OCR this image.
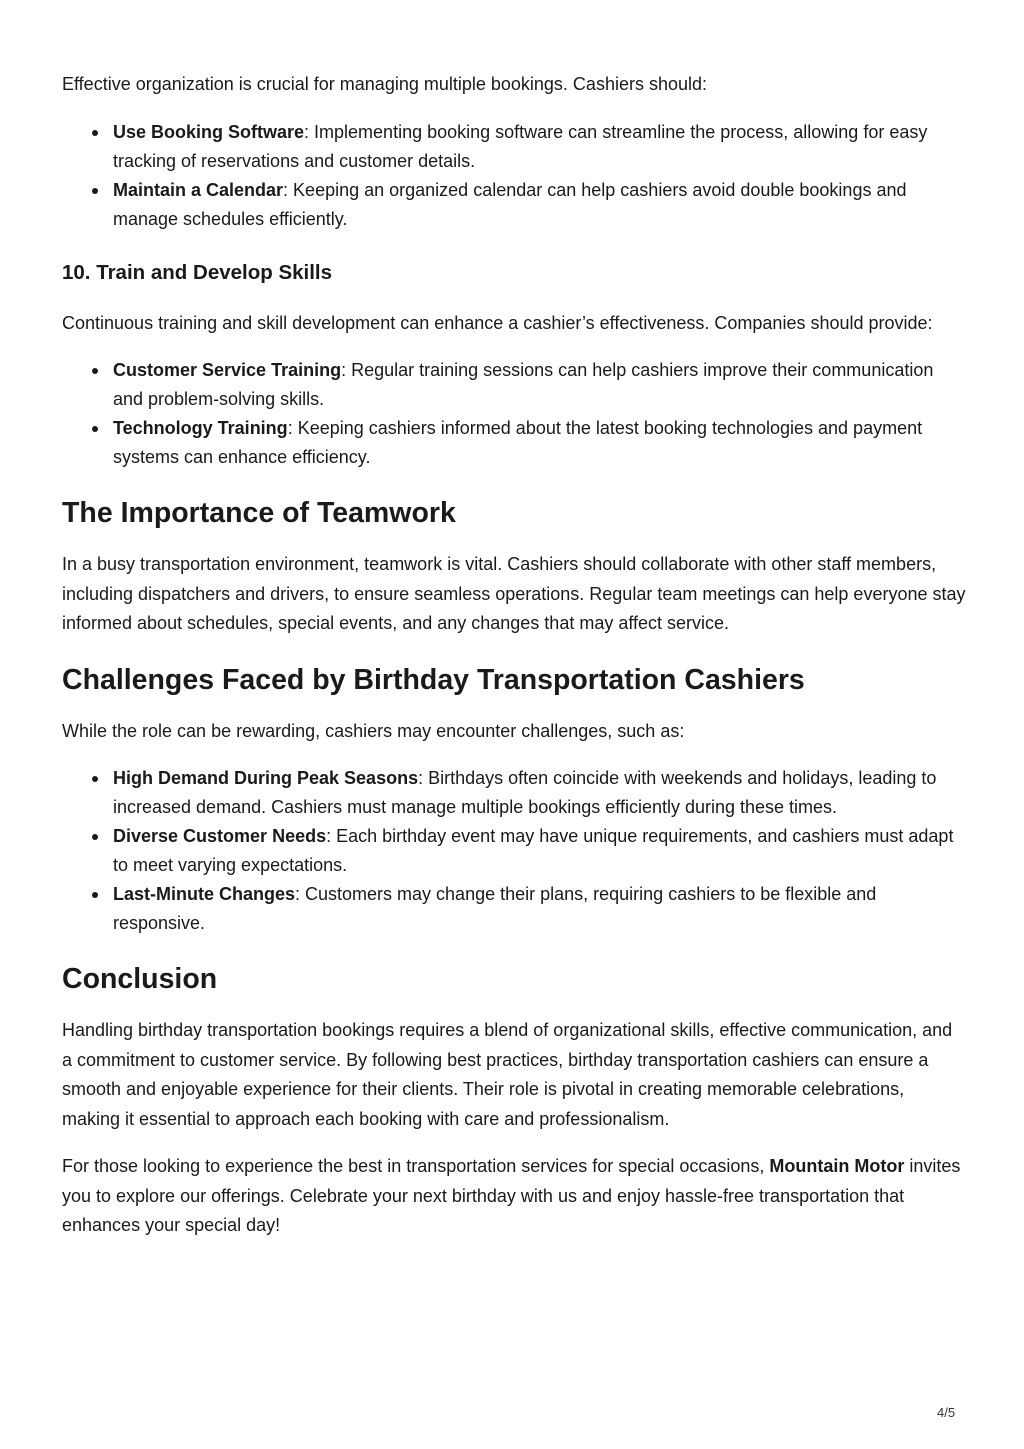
Effective organization is crucial for managing multiple bookings. Cashiers should:

Use Booking Software: Implementing booking software can streamline the process, allowing for easy tracking of reservations and customer details.
Maintain a Calendar: Keeping an organized calendar can help cashiers avoid double bookings and manage schedules efficiently.
10. Train and Develop Skills

Continuous training and skill development can enhance a cashier’s effectiveness. Companies should provide:

Customer Service Training: Regular training sessions can help cashiers improve their communication and problem-solving skills.
Technology Training: Keeping cashiers informed about the latest booking technologies and payment systems can enhance efficiency.
The Importance of Teamwork

In a busy transportation environment, teamwork is vital. Cashiers should collaborate with other staff members, including dispatchers and drivers, to ensure seamless operations. Regular team meetings can help everyone stay informed about schedules, special events, and any changes that may affect service.

Challenges Faced by Birthday Transportation Cashiers

While the role can be rewarding, cashiers may encounter challenges, such as:

High Demand During Peak Seasons: Birthdays often coincide with weekends and holidays, leading to increased demand. Cashiers must manage multiple bookings efficiently during these times.
Diverse Customer Needs: Each birthday event may have unique requirements, and cashiers must adapt to meet varying expectations.
Last-Minute Changes: Customers may change their plans, requiring cashiers to be flexible and responsive.
Conclusion

Handling birthday transportation bookings requires a blend of organizational skills, effective communication, and a commitment to customer service. By following best practices, birthday transportation cashiers can ensure a smooth and enjoyable experience for their clients. Their role is pivotal in creating memorable celebrations, making it essential to approach each booking with care and professionalism.

For those looking to experience the best in transportation services for special occasions, Mountain Motor invites you to explore our offerings. Celebrate your next birthday with us and enjoy hassle-free transportation that enhances your special day!

4/5
